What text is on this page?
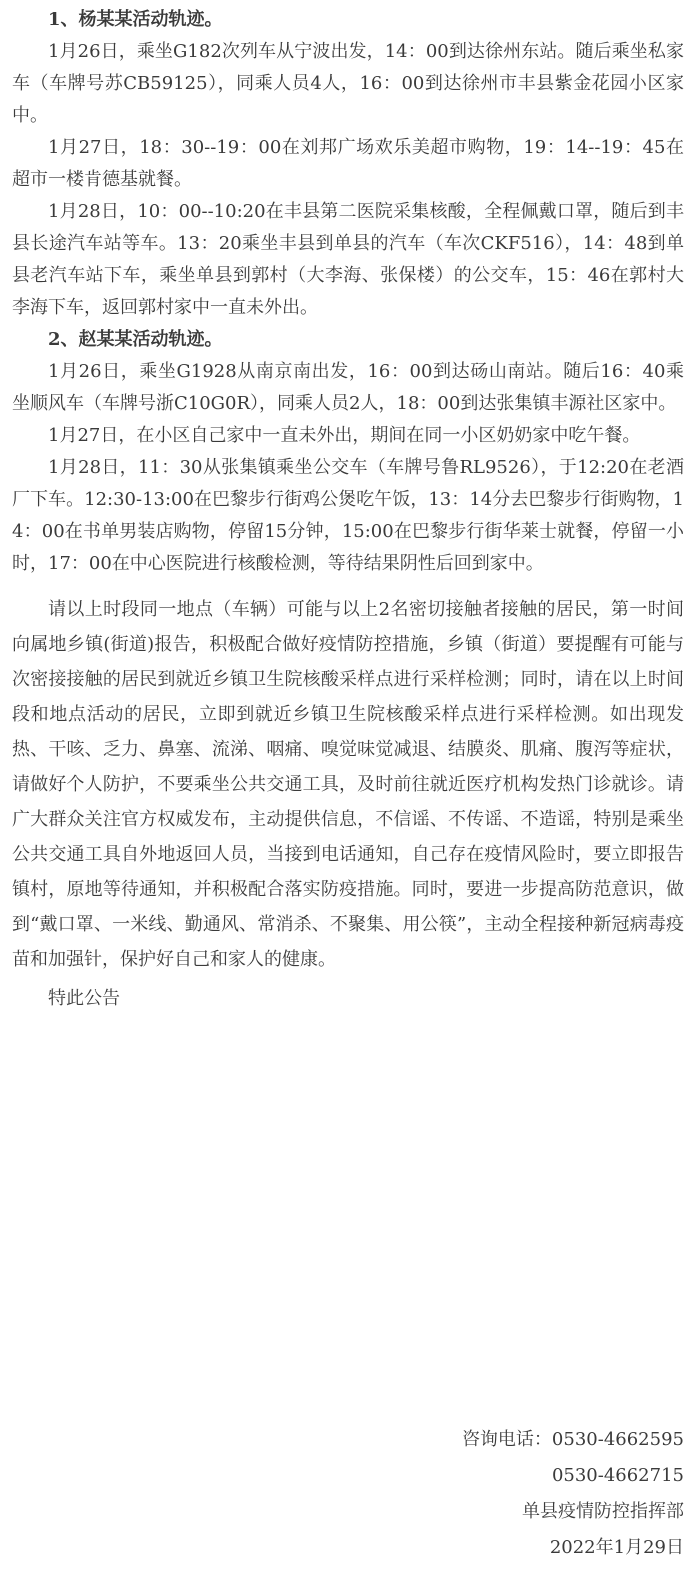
1、杨某某活动轨迹。

1月26日，乘坐G182次列车从宁波出发，14：00到达徐州东站。随后乘坐私家车（车牌号苏CB59125），同乘人员4人，16：00到达徐州市丰县紫金花园小区家中。

1月27日，18：30--19：00在刘邦广场欢乐美超市购物，19：14--19：45在超市一楼肯德基就餐。

1月28日，10：00--10:20在丰县第二医院采集核酸，全程佩戴口罩，随后到丰县长途汽车站等车。13：20乘坐丰县到单县的汽车（车次CKF516），14：48到单县老汽车站下车，乘坐单县到郭村（大李海、张保楼）的公交车，15：46在郭村大李海下车，返回郭村家中一直未外出。

2、赵某某活动轨迹。

1月26日，乘坐G1928从南京南出发，16：00到达砀山南站。随后16：40乘坐顺风车（车牌号浙C10G0R），同乘人员2人，18：00到达张集镇丰源社区家中。

1月27日，在小区自己家中一直未外出，期间在同一小区奶奶家中吃午餐。

1月28日，11：30从张集镇乘坐公交车（车牌号鲁RL9526），于12:20在老酒厂下车。12:30-13:00在巴黎步行街鸡公煲吃午饭，13：14分去巴黎步行街购物，14：00在书单男装店购物，停留15分钟，15:00在巴黎步行街华莱士就餐，停留一小时，17：00在中心医院进行核酸检测，等待结果阴性后回到家中。

请以上时段同一地点（车辆）可能与以上2名密切接触者接触的居民，第一时间向属地乡镇(街道)报告，积极配合做好疫情防控措施，乡镇（街道）要提醒有可能与次密接接触的居民到就近乡镇卫生院核酸采样点进行采样检测；同时，请在以上时间段和地点活动的居民，立即到就近乡镇卫生院核酸采样点进行采样检测。如出现发热、干咳、乏力、鼻塞、流涕、咽痛、嗅觉味觉减退、结膜炎、肌痛、腹泻等症状，请做好个人防护，不要乘坐公共交通工具，及时前往就近医疗机构发热门诊就诊。请广大群众关注官方权威发布，主动提供信息，不信谣、不传谣、不造谣，特别是乘坐公共交通工具自外地返回人员，当接到电话通知，自己存在疫情风险时，要立即报告镇村，原地等待通知，并积极配合落实防疫措施。同时，要进一步提高防范意识，做到“戴口罩、一米线、勤通风、常消杀、不聚集、用公筷”，主动全程接种新冠病毒疫苗和加强针，保护好自己和家人的健康。

特此公告

咨询电话：0530-4662595
0530-4662715
单县疫情防控指挥部
2022年1月29日
